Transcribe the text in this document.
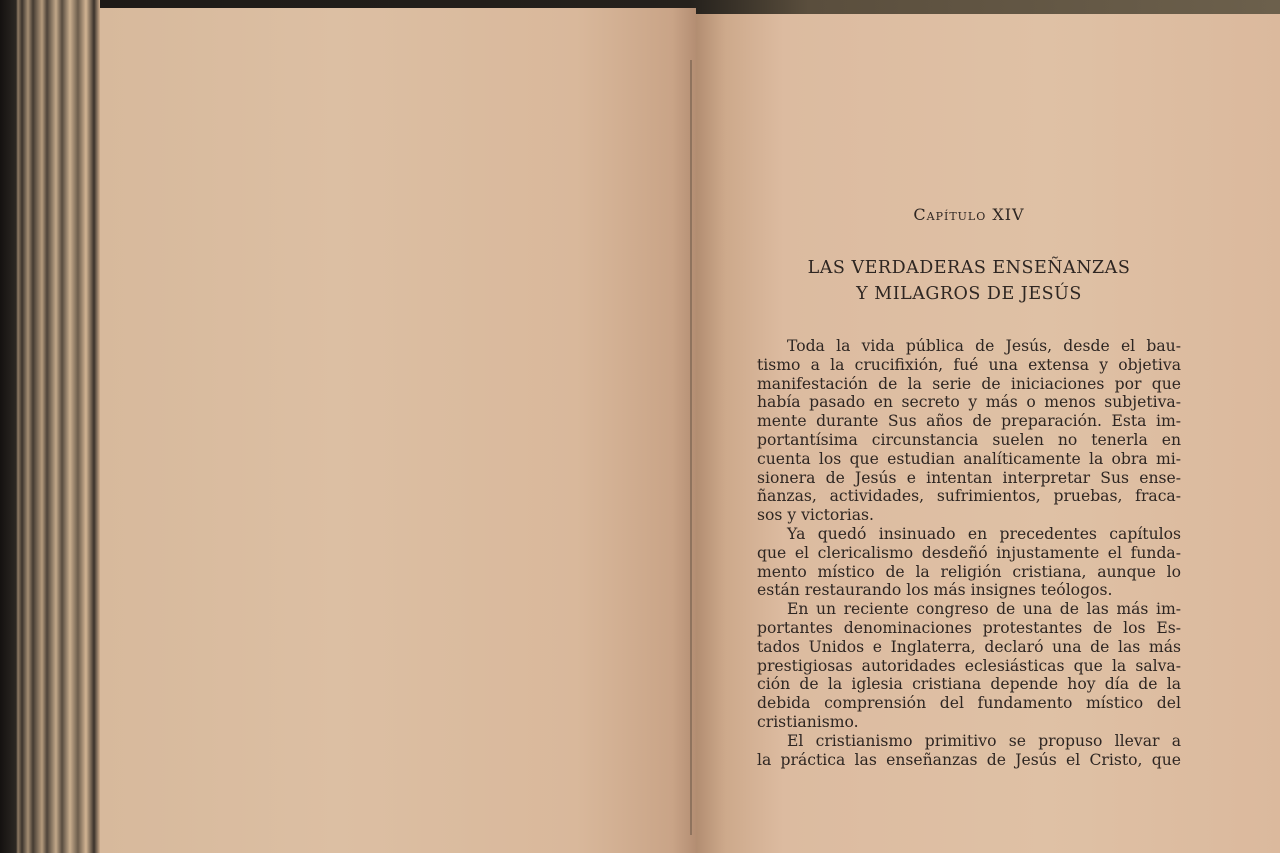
Capítulo XIV
LAS VERDADERAS ENSEÑANZAS
Y MILAGROS DE JESÚS
Toda la vida pública de Jesús, desde el bau-
tismo a la crucifixión, fué una extensa y objetiva
manifestación de la serie de iniciaciones por que
había pasado en secreto y más o menos subjetiva-
mente durante Sus años de preparación. Esta im-
portantísima circunstancia suelen no tenerla en
cuenta los que estudian analíticamente la obra mi-
sionera de Jesús e intentan interpretar Sus ense-
ñanzas, actividades, sufrimientos, pruebas, fraca-
sos y victorias.
Ya quedó insinuado en precedentes capítulos
que el clericalismo desdeñó injustamente el funda-
mento místico de la religión cristiana, aunque lo
están restaurando los más insignes teólogos.
En un reciente congreso de una de las más im-
portantes denominaciones protestantes de los Es-
tados Unidos e Inglaterra, declaró una de las más
prestigiosas autoridades eclesiásticas que la salva-
ción de la iglesia cristiana depende hoy día de la
debida comprensión del fundamento místico del
cristianismo.
El cristianismo primitivo se propuso llevar a
la práctica las enseñanzas de Jesús el Cristo, que
